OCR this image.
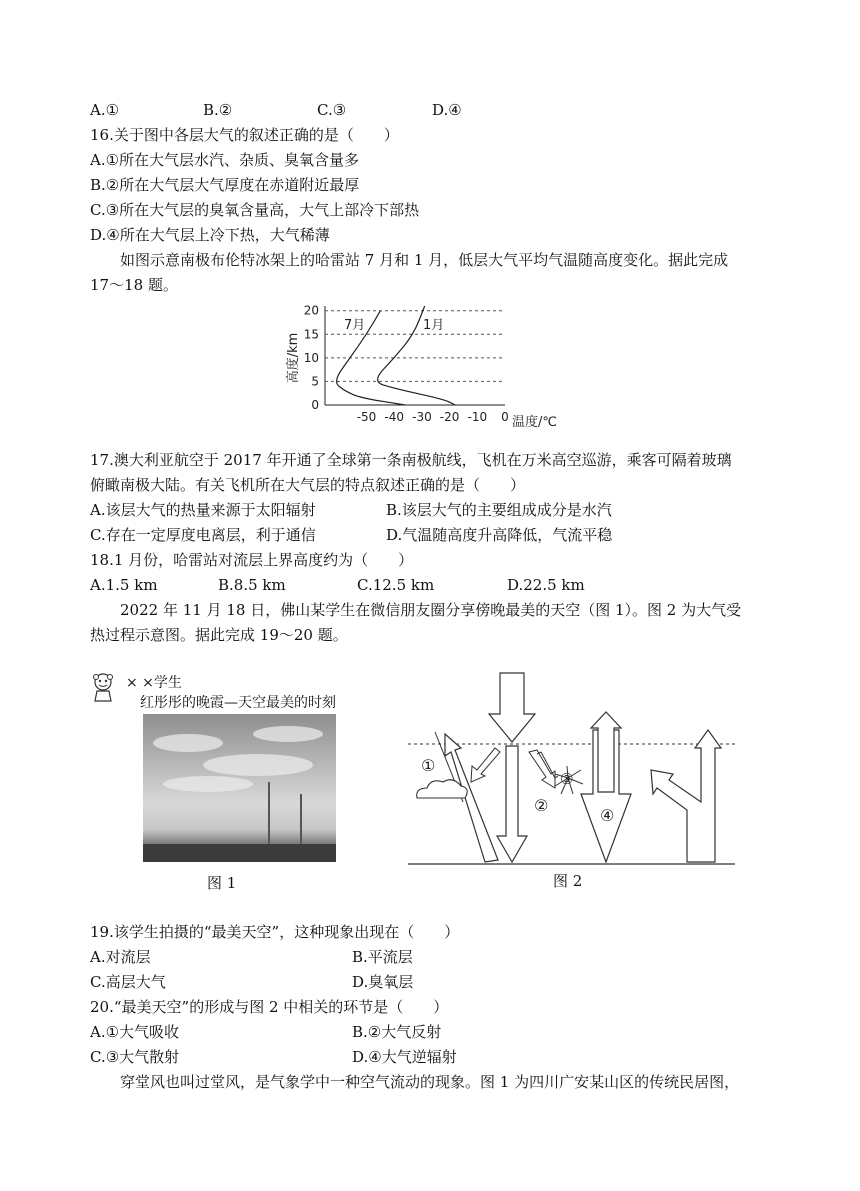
A.①	B.②	C.③	D.④
16.关于图中各层大气的叙述正确的是（　　）
A.①所在大气层水汽、杂质、臭氧含量多
B.②所在大气层大气厚度在赤道附近最厚
C.③所在大气层的臭氧含量高，大气上部冷下部热
D.④所在大气层上冷下热，大气稀薄
如图示意南极布伦特冰架上的哈雷站 7 月和 1 月，低层大气平均气温随高度变化。据此完成
17～18 题。
0
5
10
15
20
-50 -40 -30 -20 -10 0
高度/km
温度/℃
7月	1月
17.澳大利亚航空于 2017 年开通了全球第一条南极航线，飞机在万米高空巡游，乘客可隔着玻璃
俯瞰南极大陆。有关飞机所在大气层的特点叙述正确的是（　　）
A.该层大气的热量来源于太阳辐射	B.该层大气的主要组成成分是水汽
C.存在一定厚度电离层，利于通信	D.气温随高度升高降低，气流平稳
18.1 月份，哈雷站对流层上界高度约为（　　）
A.1.5 km	B.8.5 km	C.12.5 km	D.22.5 km
2022 年 11 月 18 日，佛山某学生在微信朋友圈分享傍晚最美的天空（图 1）。图 2 为大气受
热过程示意图。据此完成 19～20 题。
× ×学生
红彤彤的晚霞—天空最美的时刻
图 1
①
②
③
④
图 2
19.该学生拍摄的“最美天空”，这种现象出现在（　　）
A.对流层	B.平流层
C.高层大气	D.臭氧层
20.“最美天空”的形成与图 2 中相关的环节是（　　）
A.①大气吸收	B.②大气反射
C.③大气散射	D.④大气逆辐射
穿堂风也叫过堂风，是气象学中一种空气流动的现象。图 1 为四川广安某山区的传统民居图，
